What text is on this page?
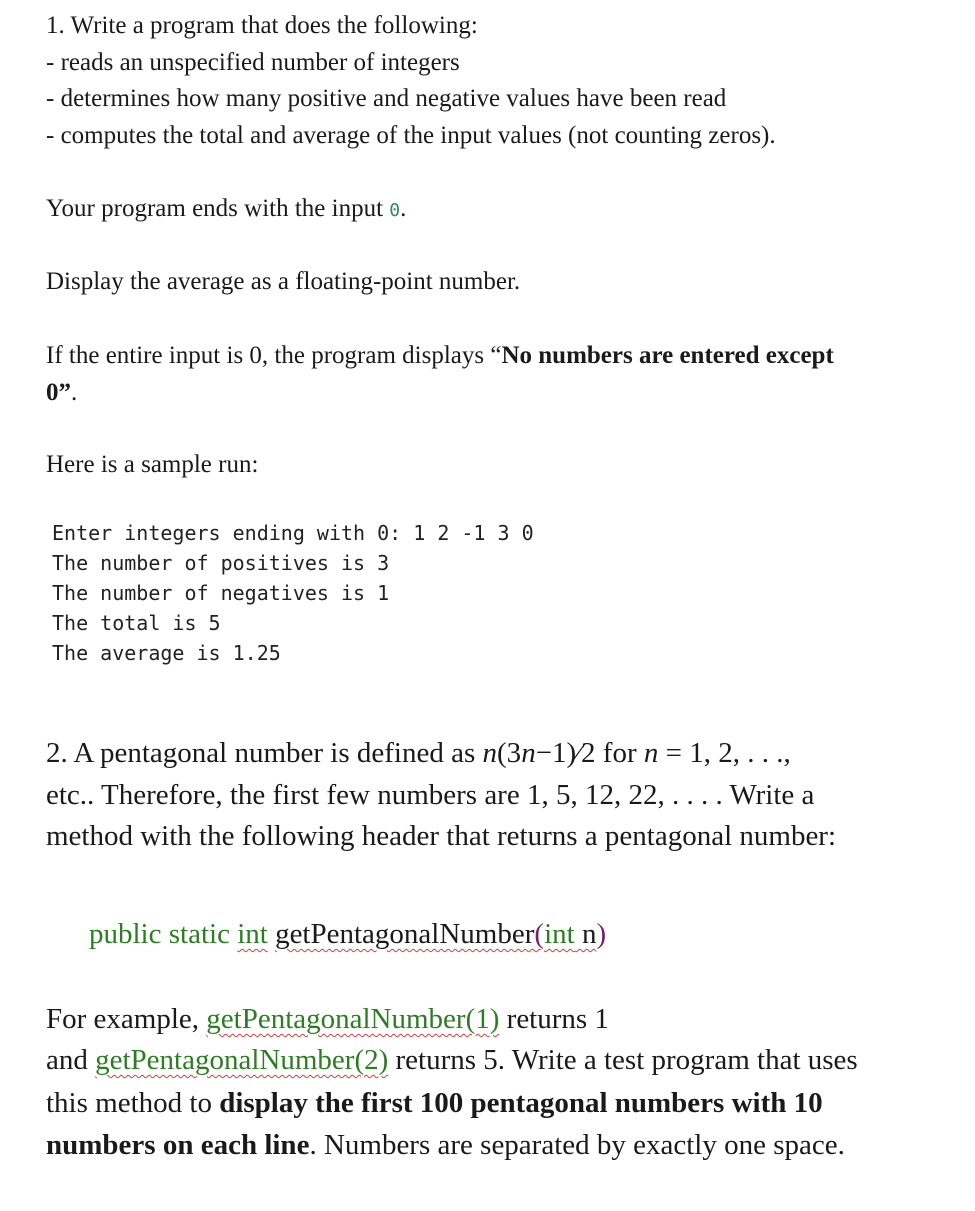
1. Write a program that does the following:
- reads an unspecified number of integers
- determines how many positive and negative values have been read
- computes the total and average of the input values (not counting zeros).
Your program ends with the input 0.
Display the average as a floating-point number.
If the entire input is 0, the program displays “No numbers are entered except
0”.
Here is a sample run:
Enter integers ending with 0: 1 2 -1 3 0
The number of positives is 3
The number of negatives is 1
The total is 5
The average is 1.25
2. A pentagonal number is defined as n(3n−1)⁄2 for n = 1, 2, . . .,
etc.. Therefore, the first few numbers are 1, 5, 12, 22, . . . . Write a
method with the following header that returns a pentagonal number:
public static int getPentagonalNumber(int n)
For example, getPentagonalNumber(1) returns 1
and getPentagonalNumber(2) returns 5. Write a test program that uses
this method to display the first 100 pentagonal numbers with 10
numbers on each line. Numbers are separated by exactly one space.
